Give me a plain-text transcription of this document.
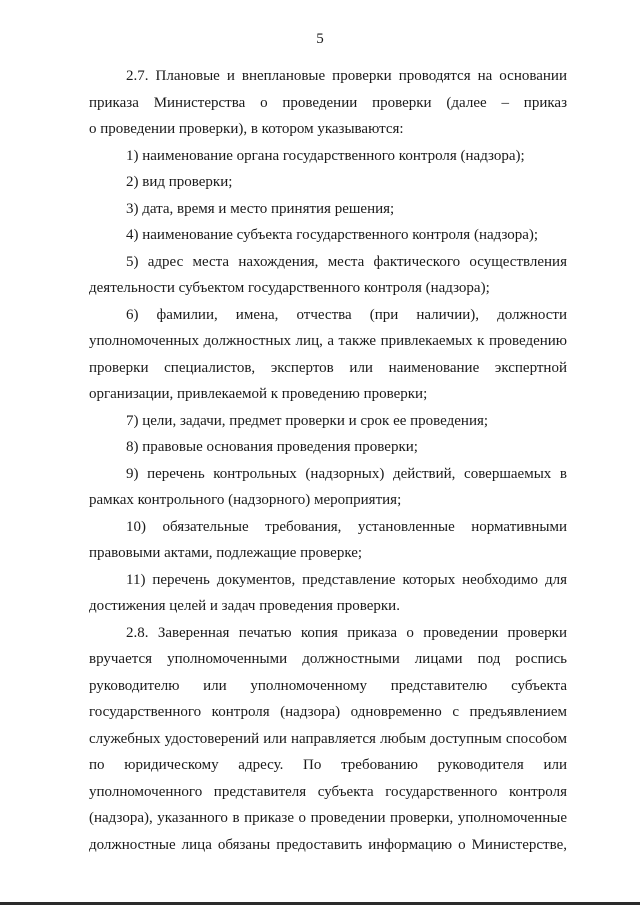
5
2.7. Плановые и внеплановые проверки проводятся на основании
приказа Министерства о проведении проверки (далее – приказ
о проведении проверки), в котором указываются:
1) наименование органа государственного контроля (надзора);
2) вид проверки;
3) дата, время и место принятия решения;
4) наименование субъекта государственного контроля (надзора);
5) адрес места нахождения, места фактического осуществления
деятельности субъектом государственного контроля (надзора);
6) фамилии, имена, отчества (при наличии), должности
уполномоченных должностных лиц, а также привлекаемых к проведению
проверки специалистов, экспертов или наименование экспертной
организации, привлекаемой к проведению проверки;
7) цели, задачи, предмет проверки и срок ее проведения;
8) правовые основания проведения проверки;
9) перечень контрольных (надзорных) действий, совершаемых в
рамках контрольного (надзорного) мероприятия;
10) обязательные требования, установленные нормативными
правовыми актами, подлежащие проверке;
11) перечень документов, представление которых необходимо для
достижения целей и задач проведения проверки.
2.8. Заверенная печатью копия приказа о проведении проверки
вручается уполномоченными должностными лицами под роспись
руководителю или уполномоченному представителю субъекта
государственного контроля (надзора) одновременно с предъявлением
служебных удостоверений или направляется любым доступным способом
по юридическому адресу. По требованию руководителя или
уполномоченного представителя субъекта государственного контроля
(надзора), указанного в приказе о проведении проверки, уполномоченные
должностные лица обязаны предоставить информацию о Министерстве,
